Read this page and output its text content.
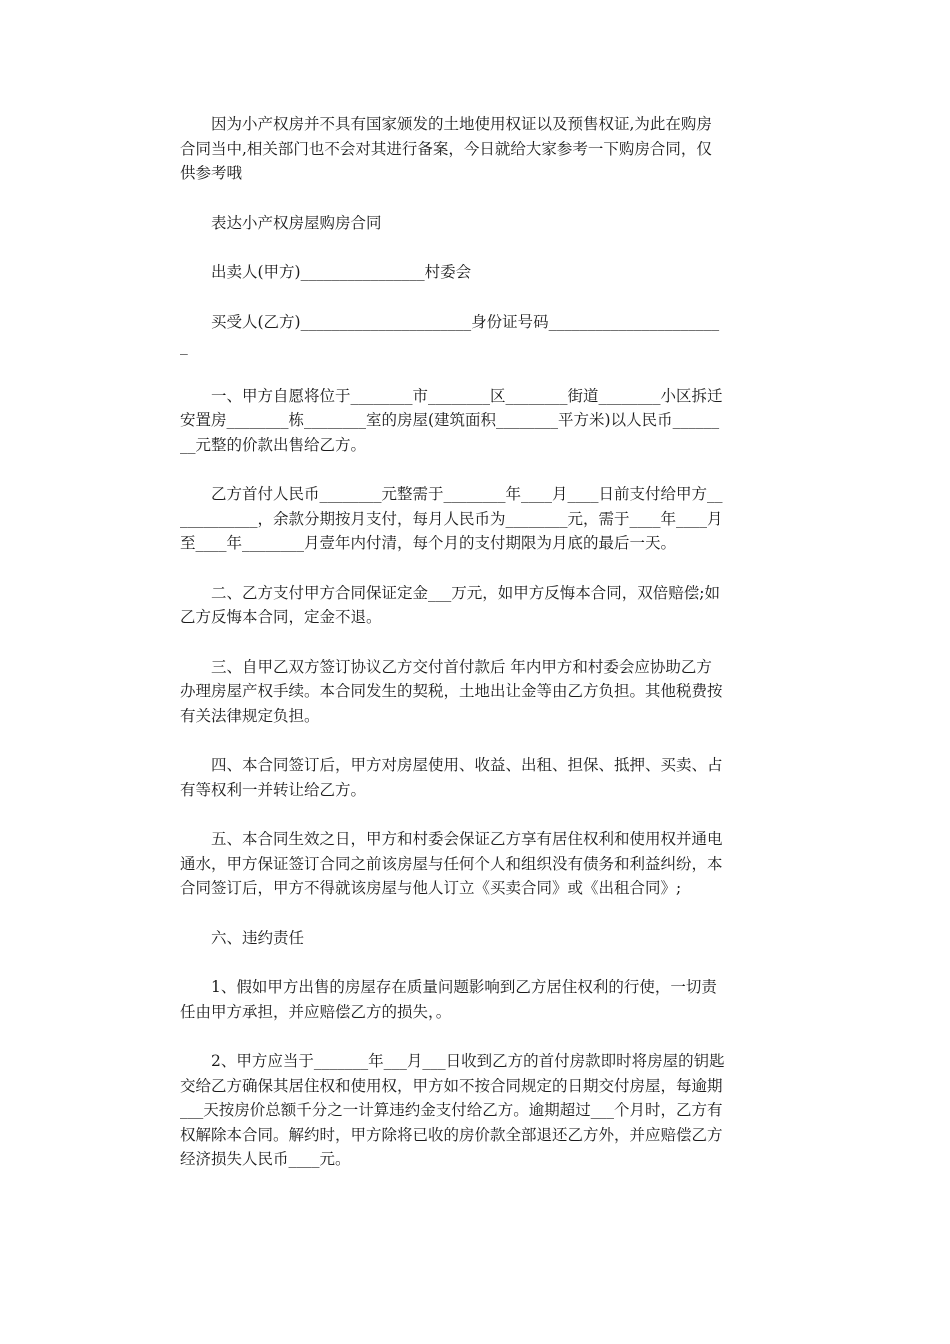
因为小产权房并不具有国家颁发的土地使用权证以及预售权证,为此在购房
合同当中,相关部门也不会对其进行备案，今日就给大家参考一下购房合同，仅
供参考哦

表达小产权房屋购房合同

出卖人(甲方)________________村委会

买受人(乙方)______________________身份证号码______________________
_

一、甲方自愿将位于________市________区________街道________小区拆迁
安置房________栋________室的房屋(建筑面积________平方米)以人民币______
__元整的价款出售给乙方。

乙方首付人民币________元整需于________年____月____日前支付给甲方__
__________，余款分期按月支付，每月人民币为________元，需于____年____月
至____年________月壹年内付清，每个月的支付期限为月底的最后一天。

二、乙方支付甲方合同保证定金___万元，如甲方反悔本合同，双倍赔偿;如
乙方反悔本合同，定金不退。

三、自甲乙双方签订协议乙方交付首付款后 年内甲方和村委会应协助乙方
办理房屋产权手续。本合同发生的契税，土地出让金等由乙方负担。其他税费按
有关法律规定负担。

四、本合同签订后，甲方对房屋使用、收益、出租、担保、抵押、买卖、占
有等权利一并转让给乙方。

五、本合同生效之日，甲方和村委会保证乙方享有居住权利和使用权并通电
通水，甲方保证签订合同之前该房屋与任何个人和组织没有债务和利益纠纷，本
合同签订后，甲方不得就该房屋与他人订立《买卖合同》或《出租合同》;

六、违约责任

1、假如甲方出售的房屋存在质量问题影响到乙方居住权利的行使，一切责
任由甲方承担，并应赔偿乙方的损失，。

2、甲方应当于_______年___月___日收到乙方的首付房款即时将房屋的钥匙
交给乙方确保其居住权和使用权，甲方如不按合同规定的日期交付房屋，每逾期
___天按房价总额千分之一计算违约金支付给乙方。逾期超过___个月时，乙方有
权解除本合同。解约时，甲方除将已收的房价款全部退还乙方外，并应赔偿乙方
经济损失人民币____元。
